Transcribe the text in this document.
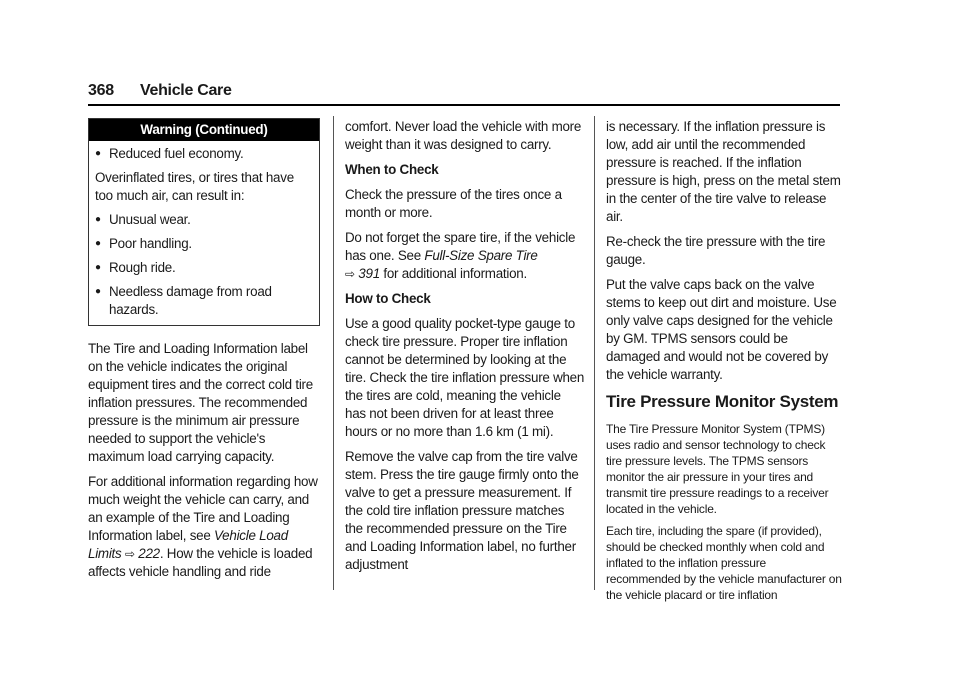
368 Vehicle Care
Warning (Continued)
● Reduced fuel economy.

Overinflated tires, or tires that have too much air, can result in:

● Unusual wear.
● Poor handling.
● Rough ride.
● Needless damage from road hazards.

The Tire and Loading Information label on the vehicle indicates the original equipment tires and the correct cold tire inflation pressures. The recommended pressure is the minimum air pressure needed to support the vehicle's maximum load carrying capacity.

For additional information regarding how much weight the vehicle can carry, and an example of the Tire and Loading Information label, see Vehicle Load Limits ⇨ 222. How the vehicle is loaded affects vehicle handling and ride

comfort. Never load the vehicle with more weight than it was designed to carry.

When to Check

Check the pressure of the tires once a month or more.

Do not forget the spare tire, if the vehicle has one. See Full-Size Spare Tire
⇨ 391 for additional information.

How to Check

Use a good quality pocket-type gauge to check tire pressure. Proper tire inflation cannot be determined by looking at the tire. Check the tire inflation pressure when the tires are cold, meaning the vehicle has not been driven for at least three hours or no more than 1.6 km (1 mi).

Remove the valve cap from the tire valve stem. Press the tire gauge firmly onto the valve to get a pressure measurement. If the cold tire inflation pressure matches the recommended pressure on the Tire and Loading Information label, no further adjustment

is necessary. If the inflation pressure is low, add air until the recommended pressure is reached. If the inflation pressure is high, press on the metal stem in the center of the tire valve to release air.

Re-check the tire pressure with the tire gauge.

Put the valve caps back on the valve stems to keep out dirt and moisture. Use only valve caps designed for the vehicle by GM. TPMS sensors could be damaged and would not be covered by the vehicle warranty.

Tire Pressure Monitor System

The Tire Pressure Monitor System (TPMS) uses radio and sensor technology to check tire pressure levels. The TPMS sensors monitor the air pressure in your tires and transmit tire pressure readings to a receiver located in the vehicle.

Each tire, including the spare (if provided), should be checked monthly when cold and inflated to the inflation pressure recommended by the vehicle manufacturer on the vehicle placard or tire inflation
